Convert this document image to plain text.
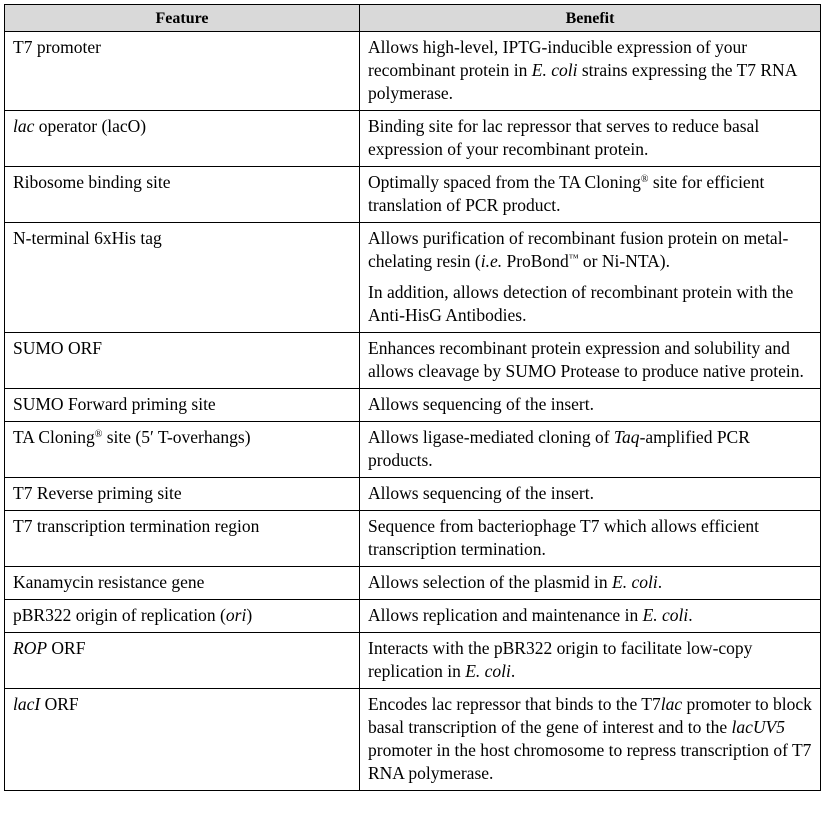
Feature	Benefit
T7 promoter	Allows high-level, IPTG-inducible expression of your recombinant protein in E. coli strains expressing the T7 RNA polymerase.

lac operator (lacO)	Binding site for lac repressor that serves to reduce basal expression of your recombinant protein.

Ribosome binding site	Optimally spaced from the TA Cloning® site for efficient translation of PCR product.

N-terminal 6xHis tag	Allows purification of recombinant fusion protein on metal-chelating resin (i.e. ProBond™ or Ni-NTA).
In addition, allows detection of recombinant protein with the Anti-HisG Antibodies.

SUMO ORF	Enhances recombinant protein expression and solubility and allows cleavage by SUMO Protease to produce native protein.

SUMO Forward priming site	Allows sequencing of the insert.

TA Cloning® site (5′ T-overhangs)	Allows ligase-mediated cloning of Taq-amplified PCR products.

T7 Reverse priming site	Allows sequencing of the insert.

T7 transcription termination region	Sequence from bacteriophage T7 which allows efficient transcription termination.

Kanamycin resistance gene	Allows selection of the plasmid in E. coli.

pBR322 origin of replication (ori)	Allows replication and maintenance in E. coli.

ROP ORF	Interacts with the pBR322 origin to facilitate low-copy replication in E. coli.

lacI ORF	Encodes lac repressor that binds to the T7lac promoter to block basal transcription of the gene of interest and to the lacUV5 promoter in the host chromosome to repress transcription of T7 RNA polymerase.
